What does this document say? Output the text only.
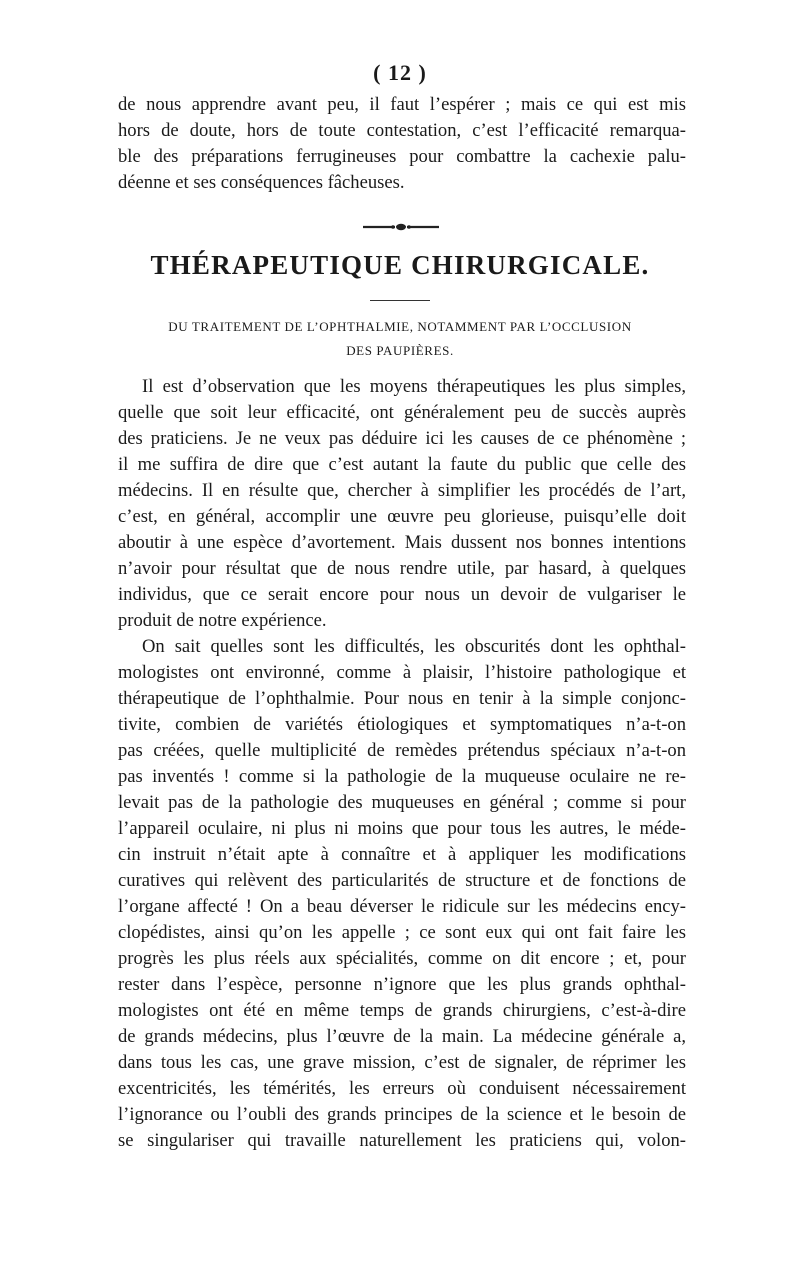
( 12 )
de nous apprendre avant peu, il faut l’espérer ; mais ce qui est mis
hors de doute, hors de toute contestation, c’est l’efficacité remarqua-
ble des préparations ferrugineuses pour combattre la cachexie palu-
déenne et ses conséquences fâcheuses.
THÉRAPEUTIQUE CHIRURGICALE.
DU TRAITEMENT DE L’OPHTHALMIE, NOTAMMENT PAR L’OCCLUSION
DES PAUPIÈRES.
Il est d’observation que les moyens thérapeutiques les plus simples,
quelle que soit leur efficacité, ont généralement peu de succès auprès
des praticiens. Je ne veux pas déduire ici les causes de ce phénomène ;
il me suffira de dire que c’est autant la faute du public que celle des
médecins. Il en résulte que, chercher à simplifier les procédés de l’art,
c’est, en général, accomplir une œuvre peu glorieuse, puisqu’elle doit
aboutir à une espèce d’avortement. Mais dussent nos bonnes intentions
n’avoir pour résultat que de nous rendre utile, par hasard, à quelques
individus, que ce serait encore pour nous un devoir de vulgariser le
produit de notre expérience.
On sait quelles sont les difficultés, les obscurités dont les ophthal-
mologistes ont environné, comme à plaisir, l’histoire pathologique et
thérapeutique de l’ophthalmie. Pour nous en tenir à la simple conjonc-
tivite, combien de variétés étiologiques et symptomatiques n’a-t-on
pas créées, quelle multiplicité de remèdes prétendus spéciaux n’a-t-on
pas inventés ! comme si la pathologie de la muqueuse oculaire ne re-
levait pas de la pathologie des muqueuses en général ; comme si pour
l’appareil oculaire, ni plus ni moins que pour tous les autres, le méde-
cin instruit n’était apte à connaître et à appliquer les modifications
curatives qui relèvent des particularités de structure et de fonctions de
l’organe affecté ! On a beau déverser le ridicule sur les médecins ency-
clopédistes, ainsi qu’on les appelle ; ce sont eux qui ont fait faire les
progrès les plus réels aux spécialités, comme on dit encore ; et, pour
rester dans l’espèce, personne n’ignore que les plus grands ophthal-
mologistes ont été en même temps de grands chirurgiens, c’est-à-dire
de grands médecins, plus l’œuvre de la main. La médecine générale a,
dans tous les cas, une grave mission, c’est de signaler, de réprimer les
excentricités, les témérités, les erreurs où conduisent nécessairement
l’ignorance ou l’oubli des grands principes de la science et le besoin de
se singulariser qui travaille naturellement les praticiens qui, volon-
